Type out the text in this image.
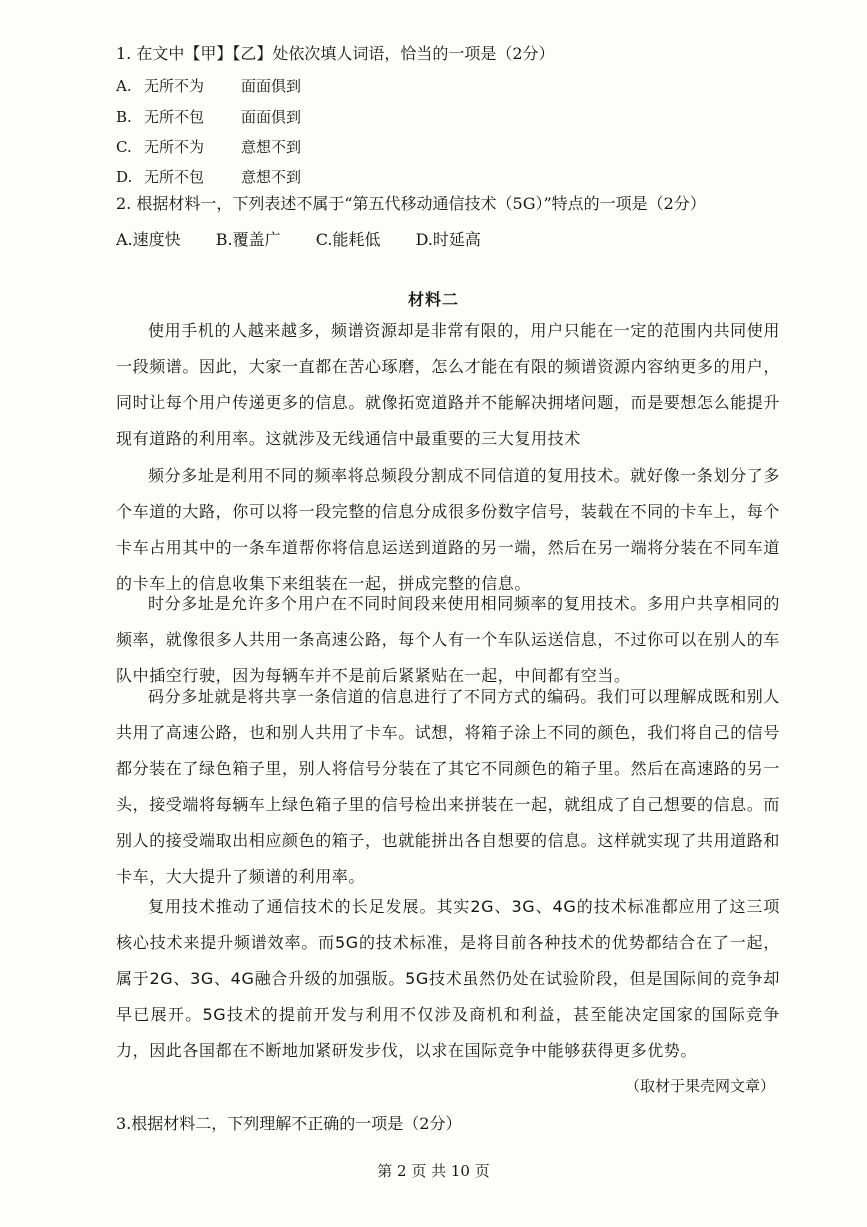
1. 在文中【甲】【乙】处依次填人词语，恰当的一项是（2分）
A. 无所不为 面面俱到
B. 无所不包 面面俱到
C. 无所不为 意想不到
D. 无所不包 意想不到
2. 根据材料一，下列表述不属于“第五代移动通信技术（5G）”特点的一项是（2分）
A.速度快 B.覆盖广 C.能耗低 D.时延高
材料二
使用手机的人越来越多，频谱资源却是非常有限的，用户只能在一定的范围内共同使用一段频谱。因此，大家一直都在苦心琢磨，怎么才能在有限的频谱资源内容纳更多的用户，同时让每个用户传递更多的信息。就像拓宽道路并不能解决拥堵问题，而是要想怎么能提升现有道路的利用率。这就涉及无线通信中最重要的三大复用技术
频分多址是利用不同的频率将总频段分割成不同信道的复用技术。就好像一条划分了多个车道的大路，你可以将一段完整的信息分成很多份数字信号，装载在不同的卡车上，每个卡车占用其中的一条车道帮你将信息运送到道路的另一端，然后在另一端将分装在不同车道的卡车上的信息收集下来组装在一起，拼成完整的信息。
时分多址是允许多个用户在不同时间段来使用相同频率的复用技术。多用户共享相同的频率，就像很多人共用一条高速公路，每个人有一个车队运送信息，不过你可以在别人的车队中插空行驶，因为每辆车并不是前后紧紧贴在一起，中间都有空当。
码分多址就是将共享一条信道的信息进行了不同方式的编码。我们可以理解成既和别人共用了高速公路，也和别人共用了卡车。试想，将箱子涂上不同的颜色，我们将自己的信号都分装在了绿色箱子里，别人将信号分装在了其它不同颜色的箱子里。然后在高速路的另一头，接受端将每辆车上绿色箱子里的信号检出来拼装在一起，就组成了自己想要的信息。而别人的接受端取出相应颜色的箱子，也就能拼出各自想要的信息。这样就实现了共用道路和卡车，大大提升了频谱的利用率。
复用技术推动了通信技术的长足发展。其实2G、3G、4G的技术标准都应用了这三项核心技术来提升频谱效率。而5G的技术标准，是将目前各种技术的优势都结合在了一起，属于2G、3G、4G融合升级的加强版。5G技术虽然仍处在试验阶段，但是国际间的竞争却早已展开。5G技术的提前开发与利用不仅涉及商机和利益，甚至能决定国家的国际竞争力，因此各国都在不断地加紧研发步伐，以求在国际竞争中能够获得更多优势。
（取材于果壳网文章）
3.根据材料二，下列理解不正确的一项是（2分）
第 2 页 共 10 页
